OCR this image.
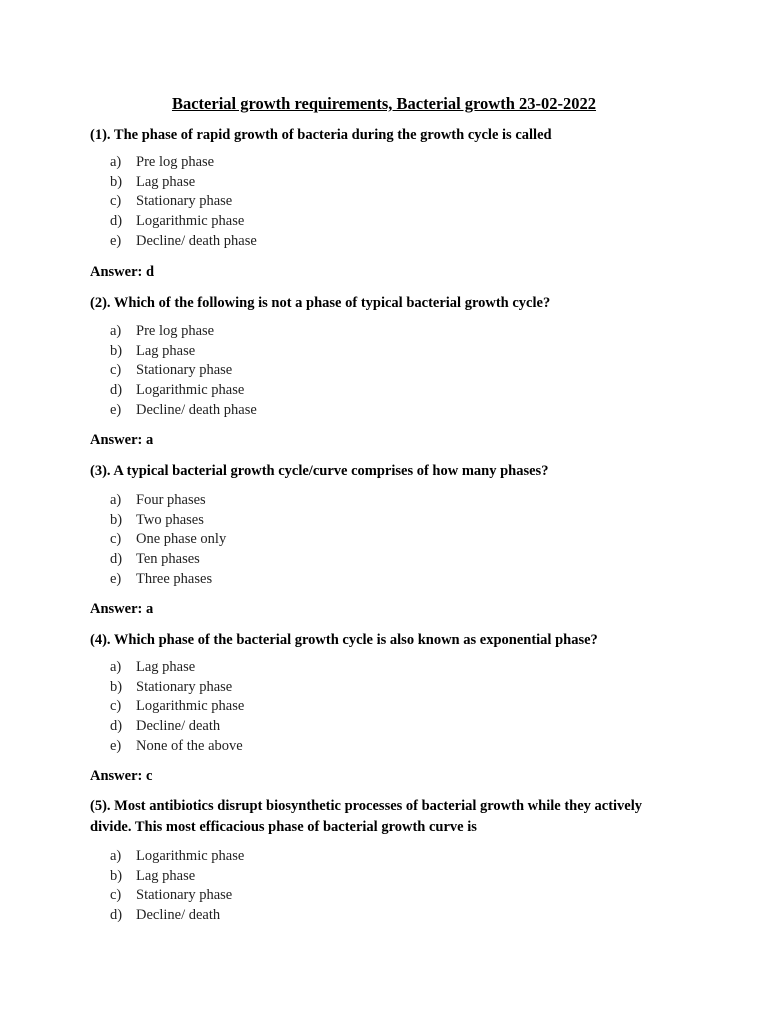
Bacterial growth requirements, Bacterial growth 23-02-2022
(1). The phase of rapid growth of bacteria during the growth cycle is called
a) Pre log phase
b) Lag phase
c) Stationary phase
d) Logarithmic phase
e) Decline/ death phase
Answer: d
(2). Which of the following is not a phase of typical bacterial growth cycle?
a) Pre log phase
b) Lag phase
c) Stationary phase
d) Logarithmic phase
e) Decline/ death phase
Answer: a
(3). A typical bacterial growth cycle/curve comprises of how many phases?
a) Four phases
b) Two phases
c) One phase only
d) Ten phases
e) Three phases
Answer: a
(4). Which phase of the bacterial growth cycle is also known as exponential phase?
a) Lag phase
b) Stationary phase
c) Logarithmic phase
d) Decline/ death
e) None of the above
Answer: c
(5). Most antibiotics disrupt biosynthetic processes of bacterial growth while they actively divide. This most efficacious phase of bacterial growth curve is
a) Logarithmic phase
b) Lag phase
c) Stationary phase
d) Decline/ death
